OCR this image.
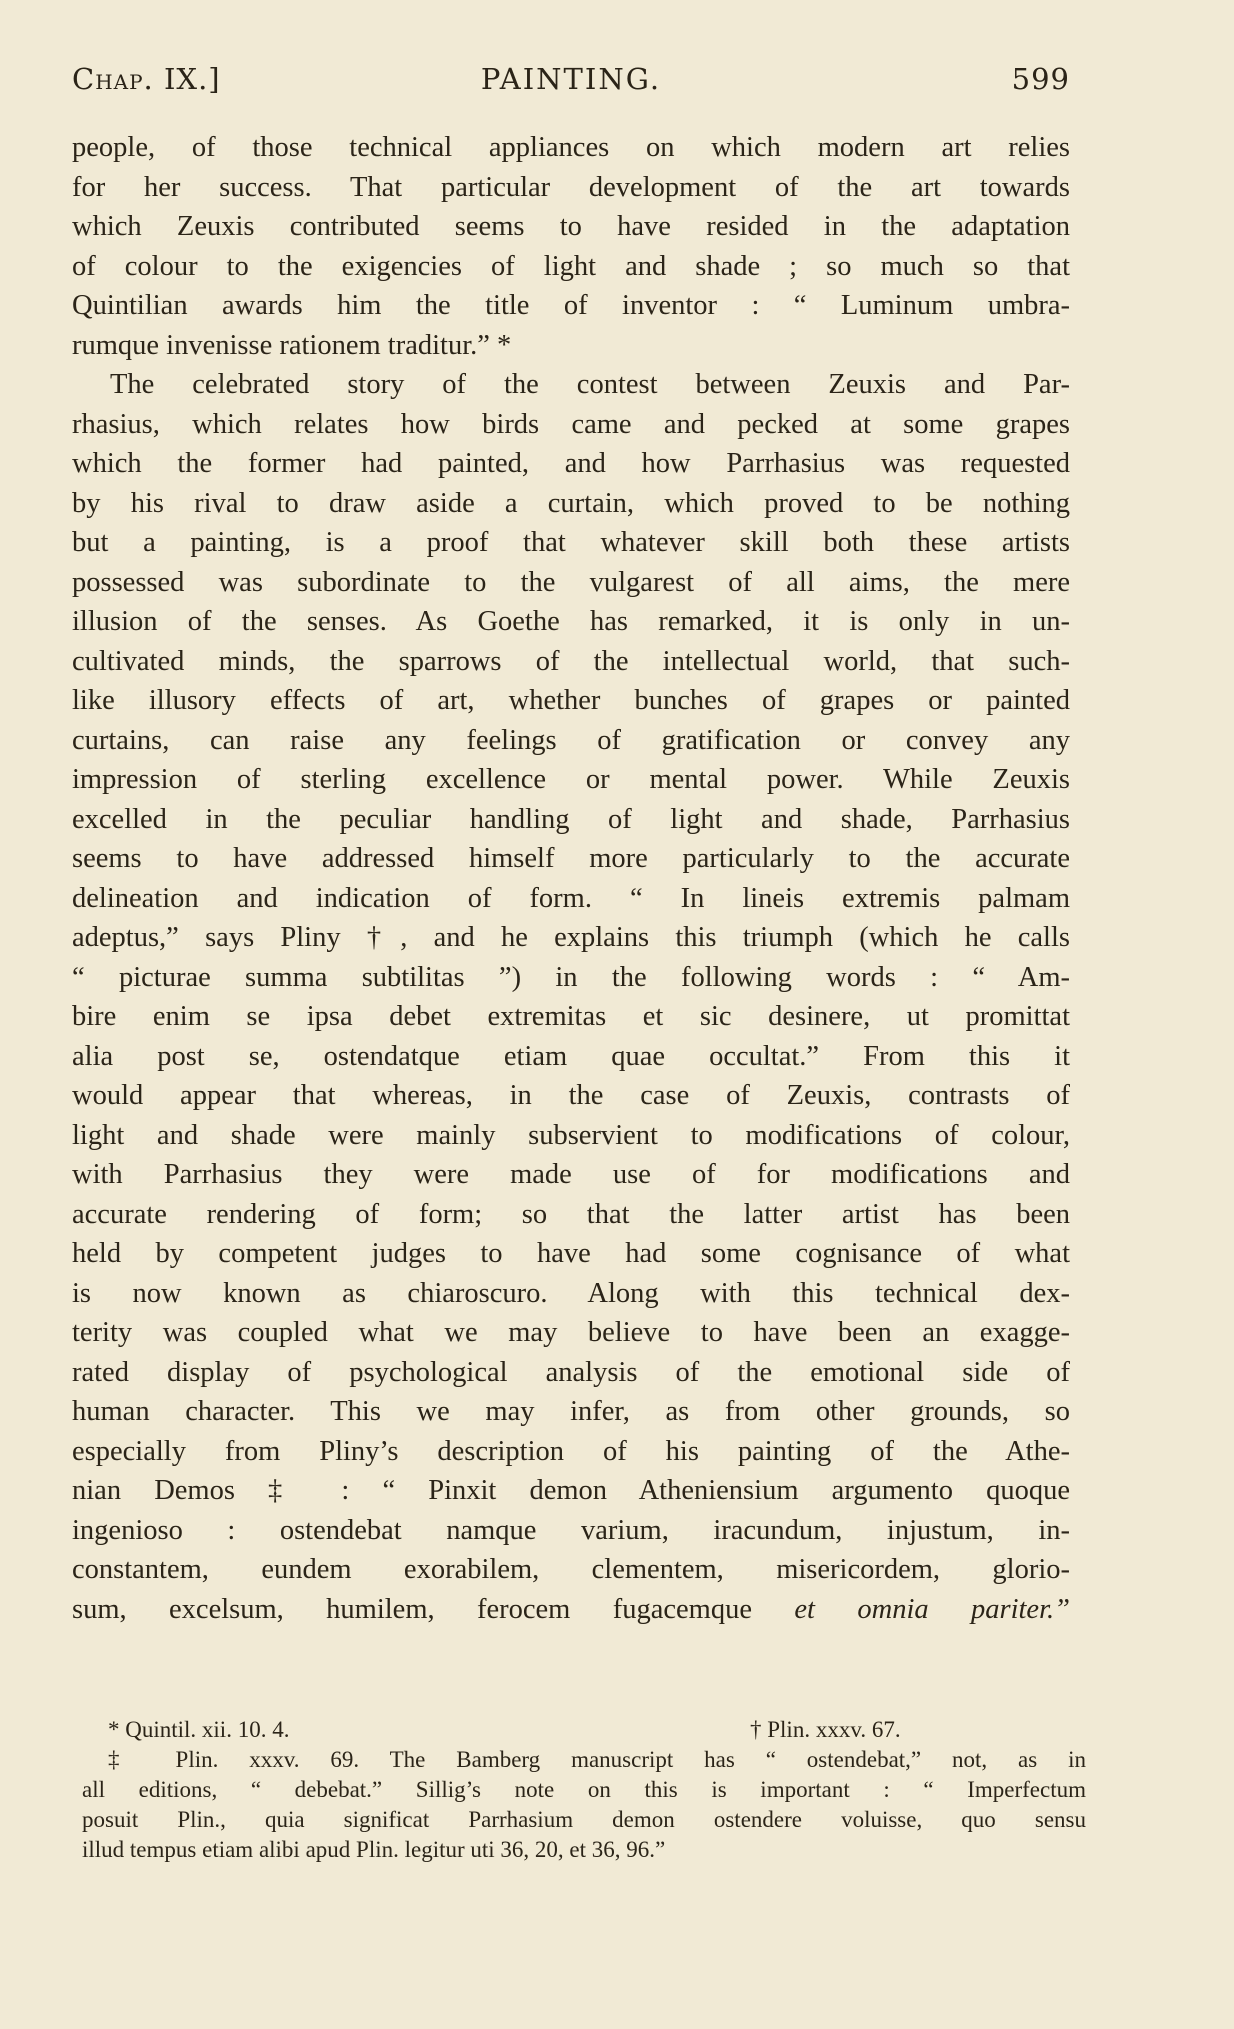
Chap. IX.]	PAINTING.	599
people, of those technical appliances on which modern art relies
for her success. That particular development of the art towards
which Zeuxis contributed seems to have resided in the adaptation
of colour to the exigencies of light and shade ; so much so that
Quintilian awards him the title of inventor : “ Luminum umbra-
rumque invenisse rationem traditur.” *
The celebrated story of the contest between Zeuxis and Par-
rhasius, which relates how birds came and pecked at some grapes
which the former had painted, and how Parrhasius was requested
by his rival to draw aside a curtain, which proved to be nothing
but a painting, is a proof that whatever skill both these artists
possessed was subordinate to the vulgarest of all aims, the mere
illusion of the senses. As Goethe has remarked, it is only in un-
cultivated minds, the sparrows of the intellectual world, that such-
like illusory effects of art, whether bunches of grapes or painted
curtains, can raise any feelings of gratification or convey any
impression of sterling excellence or mental power. While Zeuxis
excelled in the peculiar handling of light and shade, Parrhasius
seems to have addressed himself more particularly to the accurate
delineation and indication of form. “ In lineis extremis palmam
adeptus,” says Pliny †, and he explains this triumph (which he calls
“ picturae summa subtilitas ”) in the following words : “ Am-
bire enim se ipsa debet extremitas et sic desinere, ut promittat
alia post se, ostendatque etiam quae occultat.” From this it
would appear that whereas, in the case of Zeuxis, contrasts of
light and shade were mainly subservient to modifications of colour,
with Parrhasius they were made use of for modifications and
accurate rendering of form; so that the latter artist has been
held by competent judges to have had some cognisance of what
is now known as chiaroscuro. Along with this technical dex-
terity was coupled what we may believe to have been an exagge-
rated display of psychological analysis of the emotional side of
human character. This we may infer, as from other grounds, so
especially from Pliny’s description of his painting of the Athe-
nian Demos ‡ : “ Pinxit demon Atheniensium argumento quoque
ingenioso : ostendebat namque varium, iracundum, injustum, in-
constantem, eundem exorabilem, clementem, misericordem, glorio-
sum, excelsum, humilem, ferocem fugacemque et omnia pariter.”
* Quintil. xii. 10. 4.	† Plin. xxxv. 67.
‡ Plin. xxxv. 69. The Bamberg manuscript has “ ostendebat,” not, as in
all editions, “ debebat.” Sillig’s note on this is important : “ Imperfectum
posuit Plin., quia significat Parrhasium demon ostendere voluisse, quo sensu
illud tempus etiam alibi apud Plin. legitur uti 36, 20, et 36, 96.”
